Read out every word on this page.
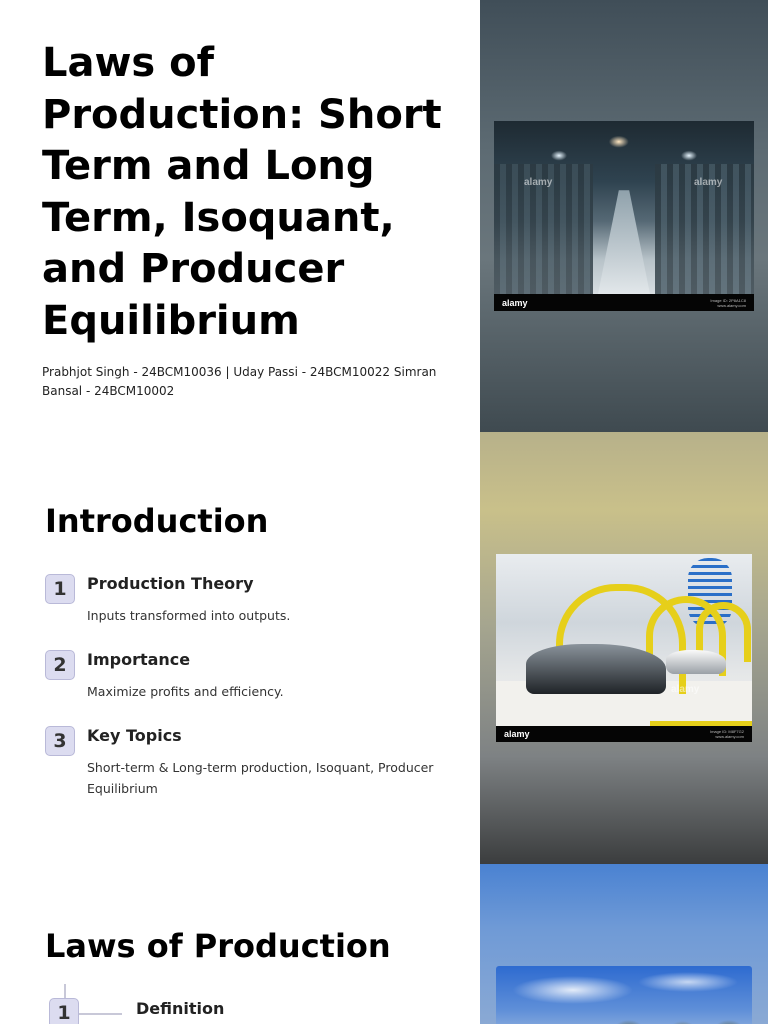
Laws of Production: Short Term and Long Term, Isoquant, and Producer Equilibrium

Prabhjot Singh - 24BCM10036 | Uday Passi - 24BCM10022 Simran Bansal - 24BCM10002

alamy	alamy
alamy	Image ID: 2P8A1C8
www.alamy.com
Introduction
1	Production Theory
Inputs transformed into outputs.
2	Importance
Maximize profits and efficiency.
3	Key Topics
Short-term & Long-term production, Isoquant, Producer Equilibrium
alamy
alamy	Image ID: M8F7G2
www.alamy.com
Laws of Production
1	Definition
